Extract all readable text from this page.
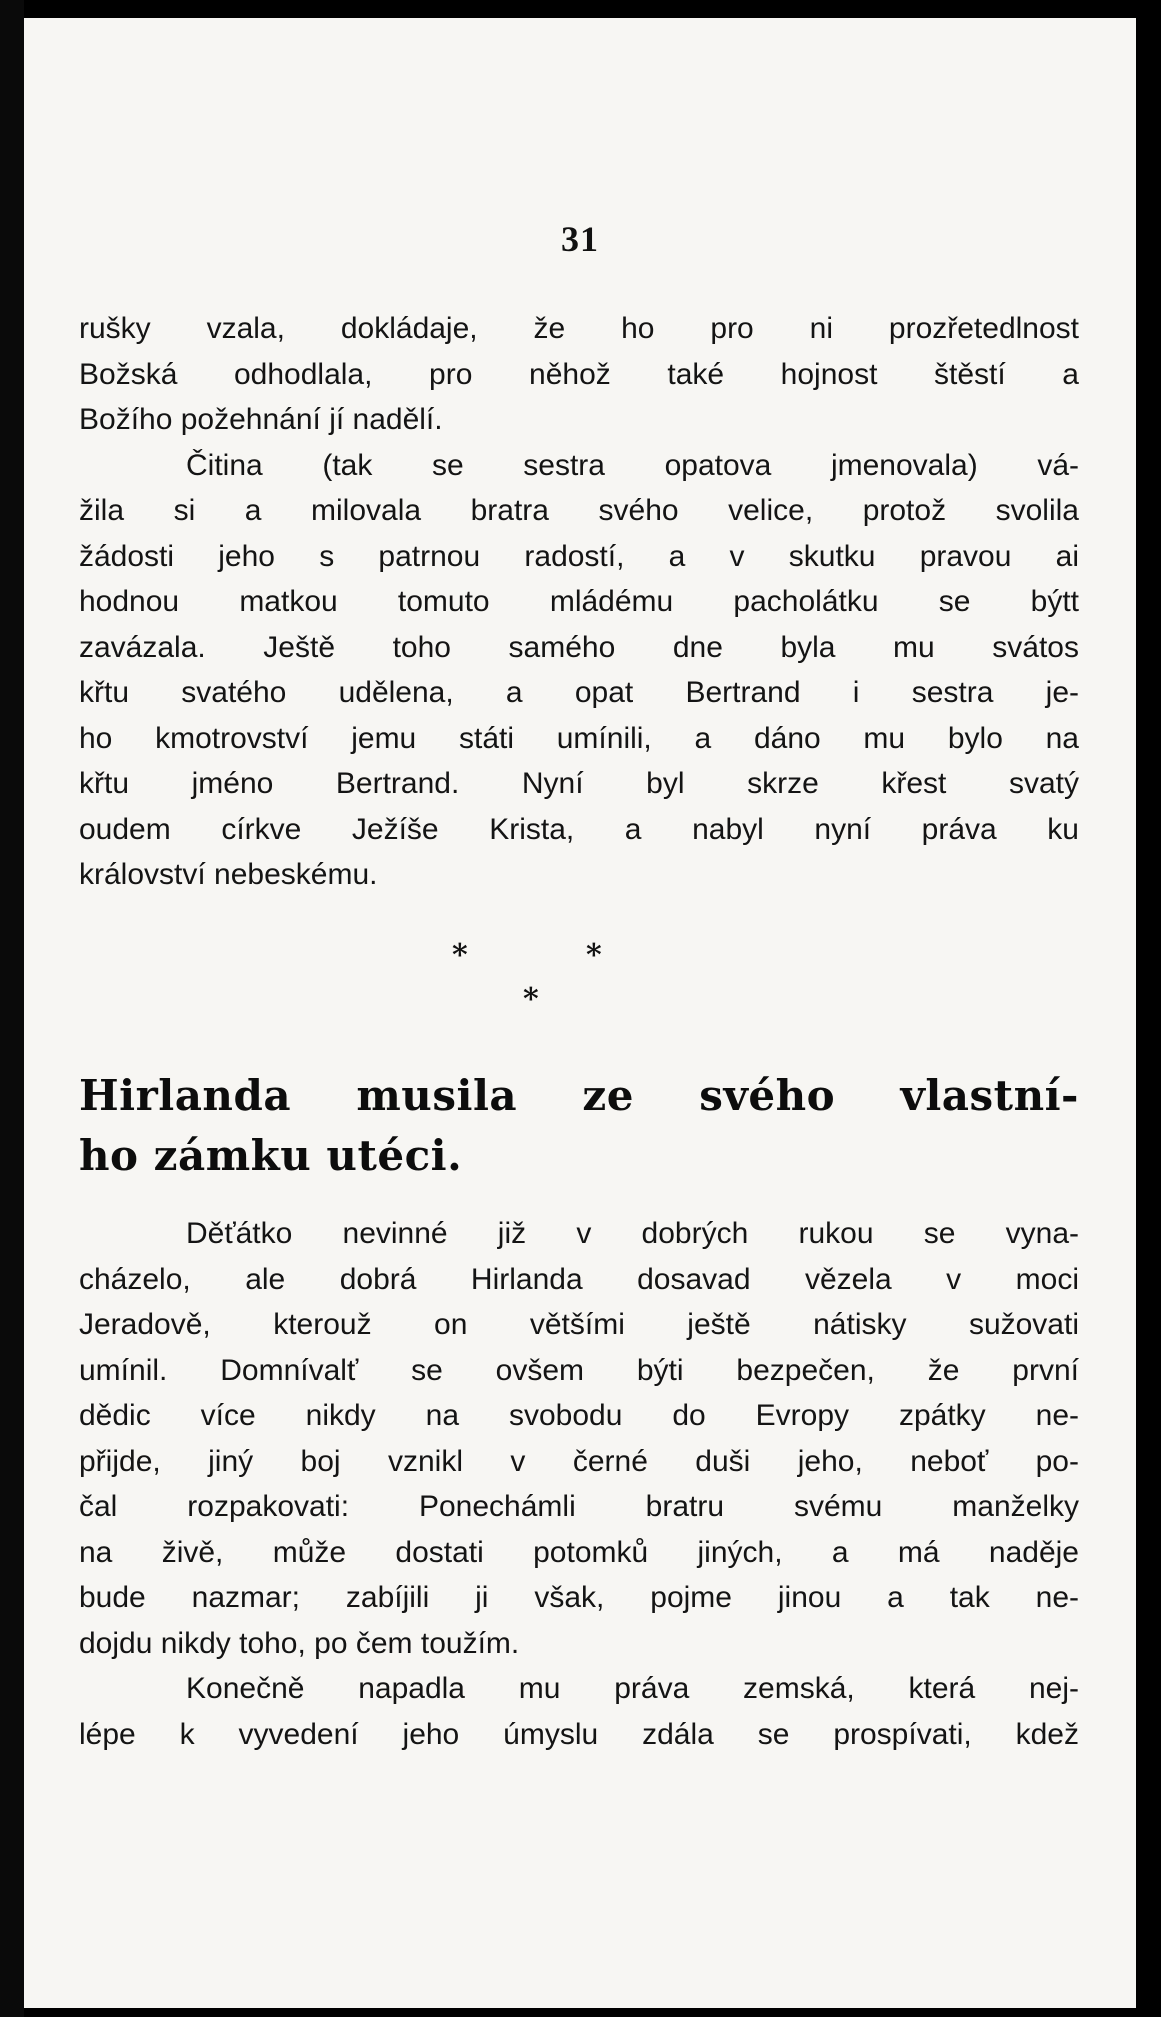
31
rušky vzala, dokládaje, že ho pro ni prozřetedlnost
Božská odhodlala, pro něhož také hojnost štěstí a
Božího požehnání jí nadělí.
Čitina (tak se sestra opatova jmenovala) vá-
žila si a milovala bratra svého velice, protož svolila
žádosti jeho s patrnou radostí, a v skutku pravou ai
hodnou matkou tomuto mládému pacholátku se býtt
zavázala. Ještě toho samého dne byla mu svátos
křtu svatého udělena, a opat Bertrand i sestra je-
ho kmotrovství jemu státi umínili, a dáno mu bylo na
křtu jméno Bertrand. Nyní byl skrze křest svatý
oudem církve Ježíše Krista, a nabyl nyní práva ku
království nebeskému.
*	*
*
Hirlanda musila ze svého vlastní-
ho zámku utéci.
Děťátko nevinné již v dobrých rukou se vyna-
cházelo, ale dobrá Hirlanda dosavad vězela v moci
Jeradově, kterouž on většími ještě nátisky sužovati
umínil. Domnívalť se ovšem býti bezpečen, že první
dědic více nikdy na svobodu do Evropy zpátky ne-
přijde, jiný boj vznikl v černé duši jeho, neboť po-
čal rozpakovati: Ponechámli bratru svému manželky
na živě, může dostati potomků jiných, a má naděje
bude nazmar; zabíjili ji však, pojme jinou a tak ne-
dojdu nikdy toho, po čem toužím.
Konečně napadla mu práva zemská, která nej-
lépe k vyvedení jeho úmyslu zdála se prospívati, kdež
